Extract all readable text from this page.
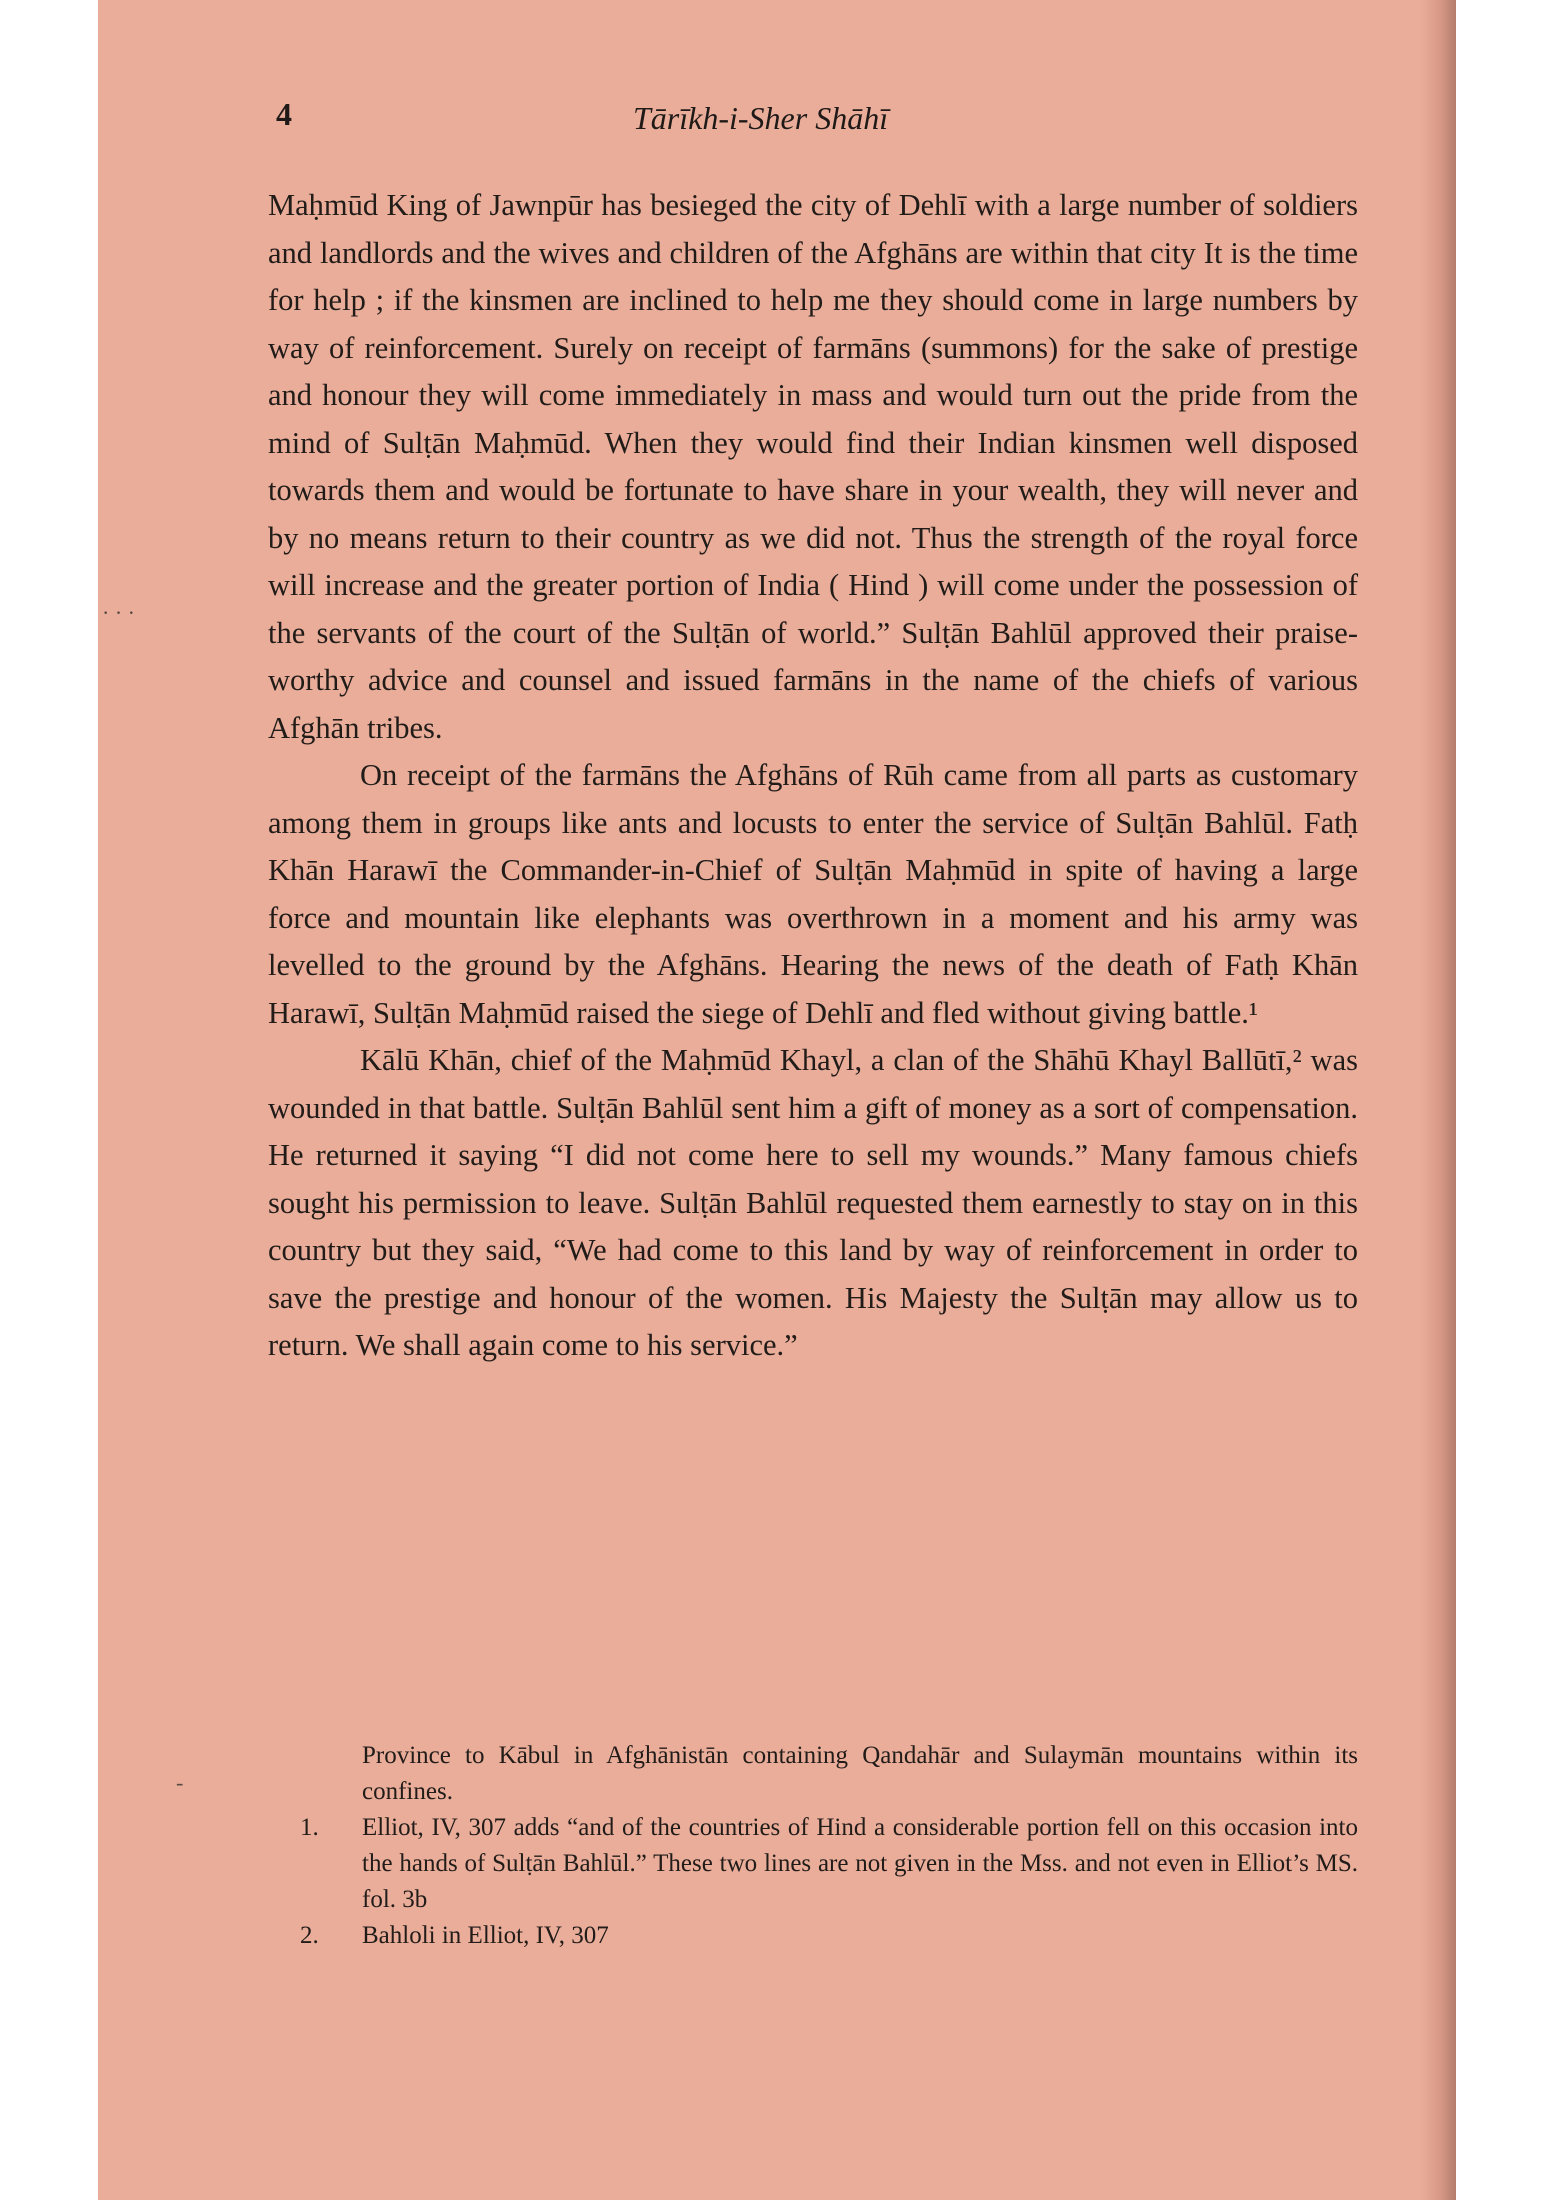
4	Tārīkh-i-Sher Shāhī

Maḥmūd King of Jawnpūr has besieged the city of Dehlī with a large number of soldiers and landlords and the wives and children of the Afghāns are within that city It is the time for help ; if the kinsmen are inclined to help me they should come in large numbers by way of reinforcement. Surely on receipt of farmāns (summons) for the sake of prestige and honour they will come immediately in mass and would turn out the pride from the mind of Sulṭān Maḥmūd. When they would find their Indian kinsmen well disposed towards them and would be fortunate to have share in your wealth, they will never and by no means return to their country as we did not. Thus the strength of the royal force will increase and the greater portion of India ( Hind ) will come under the possession of the servants of the court of the Sulṭān of world.” Sulṭān Bahlūl approved their praise-worthy advice and counsel and issued farmāns in the name of the chiefs of various Afghān tribes.

On receipt of the farmāns the Afghāns of Rūh came from all parts as customary among them in groups like ants and locusts to enter the service of Sulṭān Bahlūl. Fatḥ Khān Harawī the Commander-in-Chief of Sulṭān Maḥmūd in spite of having a large force and mountain like elephants was overthrown in a moment and his army was levelled to the ground by the Afghāns. Hearing the news of the death of Fatḥ Khān Harawī, Sulṭān Maḥmūd raised the siege of Dehlī and fled without giving battle.¹

Kālū Khān, chief of the Maḥmūd Khayl, a clan of the Shāhū Khayl Ballūtī,² was wounded in that battle. Sulṭān Bahlūl sent him a gift of money as a sort of compensation. He returned it saying “I did not come here to sell my wounds.” Many famous chiefs sought his permission to leave. Sulṭān Bahlūl requested them earnestly to stay on in this country but they said, “We had come to this land by way of reinforcement in order to save the prestige and honour of the women. His Majesty the Sulṭān may allow us to return. We shall again come to his service.”

Province to Kābul in Afghānistān containing Qandahār and Sulaymān mountains within its confines.

1. Elliot, IV, 307 adds “and of the countries of Hind a considerable portion fell on this occasion into the hands of Sulṭān Bahlūl.” These two lines are not given in the Mss. and not even in Elliot’s MS. fol. 3b

2. Bahloli in Elliot, IV, 307

· · ·
‐
